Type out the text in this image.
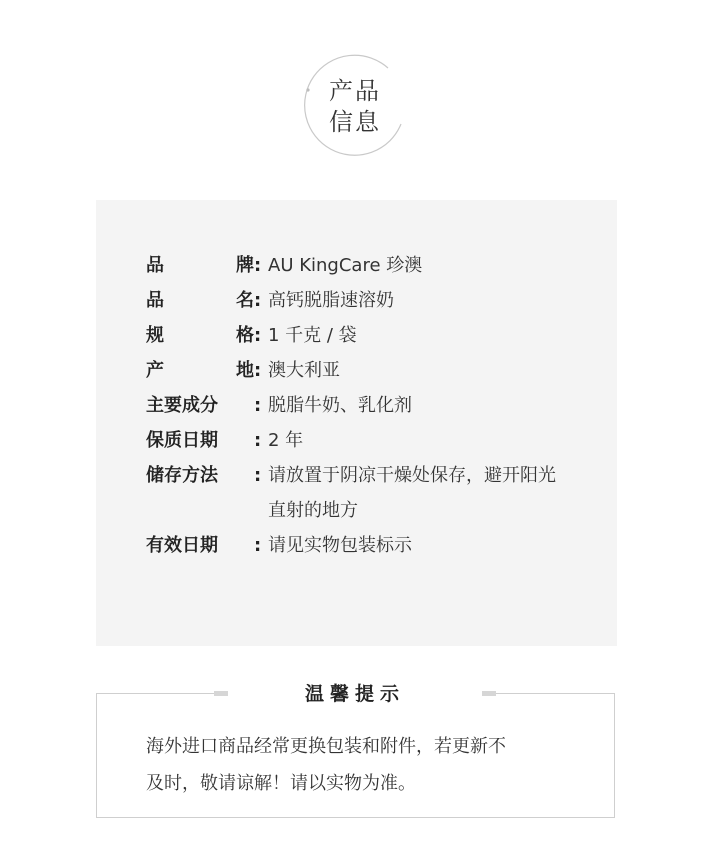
产品
信息
品	牌 : AU KingCare 珍澳
品	名 : 高钙脱脂速溶奶
规	格 : 1 千克 / 袋
产	地 : 澳大利亚
主要成分	: 脱脂牛奶、乳化剂
保质日期	: 2 年
储存方法	: 请放置于阴凉干燥处保存，避开阳光
直射的地方
有效日期	: 请见实物包装标示
温馨提示

海外进口商品经常更换包装和附件，若更新不
及时，敬请谅解！请以实物为准。
